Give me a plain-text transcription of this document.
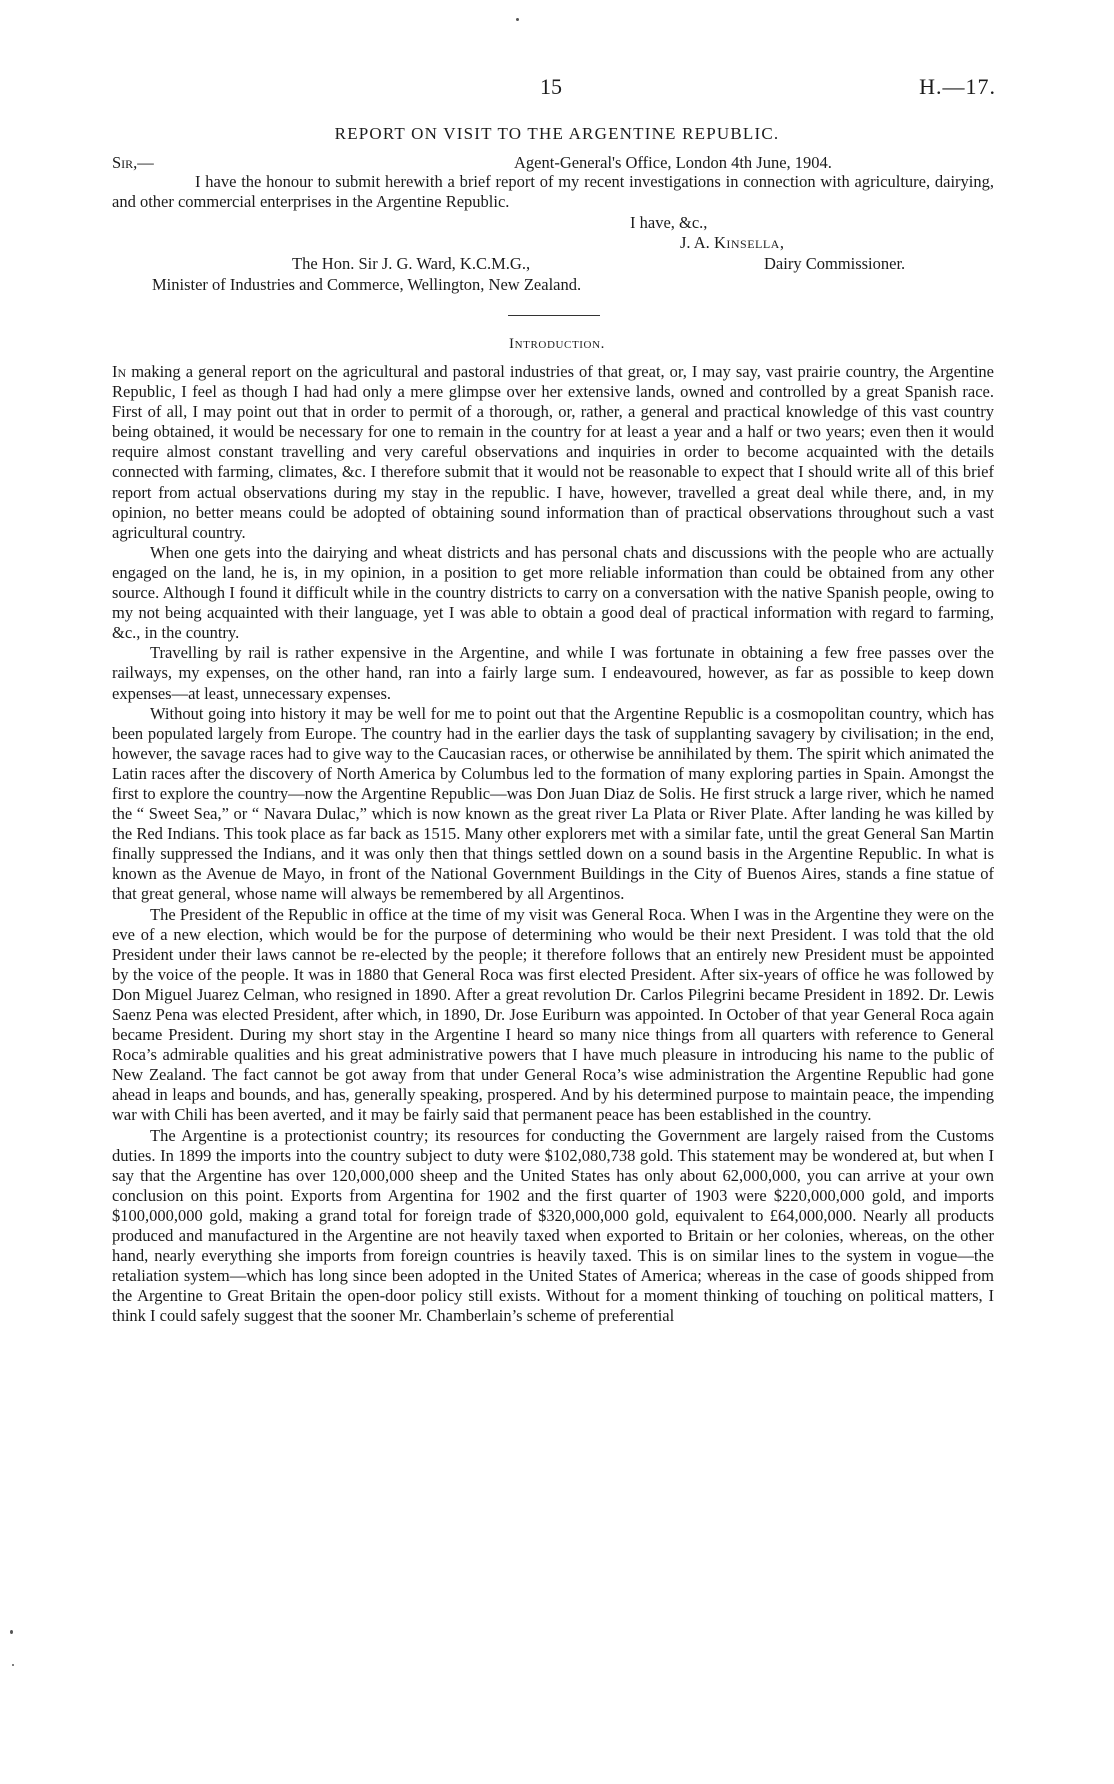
15	H.—17.
REPORT ON VISIT TO THE ARGENTINE REPUBLIC.
Sir,—	Agent-General's Office, London 4th June, 1904.

I have the honour to submit herewith a brief report of my recent investigations in connection with agriculture, dairying, and other commercial enterprises in the Argentine Republic.

I have, &c.,
J. A. Kinsella,
The Hon. Sir J. G. Ward, K.C.M.G.,	Dairy Commissioner.
Minister of Industries and Commerce, Wellington, New Zealand.
Introduction.

In making a general report on the agricultural and pastoral industries of that great, or, I may say, vast prairie country, the Argentine Republic, I feel as though I had had only a mere glimpse over her extensive lands, owned and controlled by a great Spanish race. First of all, I may point out that in order to permit of a thorough, or, rather, a general and practical knowledge of this vast country being obtained, it would be necessary for one to remain in the country for at least a year and a half or two years; even then it would require almost constant travelling and very careful observations and inquiries in order to become acquainted with the details connected with farming, climates, &c. I therefore submit that it would not be reasonable to expect that I should write all of this brief report from actual observations during my stay in the republic. I have, however, travelled a great deal while there, and, in my opinion, no better means could be adopted of obtaining sound information than of practical observations throughout such a vast agricultural country.

When one gets into the dairying and wheat districts and has personal chats and discussions with the people who are actually engaged on the land, he is, in my opinion, in a position to get more reliable information than could be obtained from any other source. Although I found it difficult while in the country districts to carry on a conversation with the native Spanish people, owing to my not being acquainted with their language, yet I was able to obtain a good deal of practical information with regard to farming, &c., in the country.

Travelling by rail is rather expensive in the Argentine, and while I was fortunate in obtaining a few free passes over the railways, my expenses, on the other hand, ran into a fairly large sum. I endeavoured, however, as far as possible to keep down expenses—at least, unnecessary expenses.

Without going into history it may be well for me to point out that the Argentine Republic is a cosmopolitan country, which has been populated largely from Europe. The country had in the earlier days the task of supplanting savagery by civilisation; in the end, however, the savage races had to give way to the Caucasian races, or otherwise be annihilated by them. The spirit which animated the Latin races after the discovery of North America by Columbus led to the formation of many exploring parties in Spain. Amongst the first to explore the country—now the Argentine Republic—was Don Juan Diaz de Solis. He first struck a large river, which he named the “ Sweet Sea,” or “ Navara Dulac,” which is now known as the great river La Plata or River Plate. After landing he was killed by the Red Indians. This took place as far back as 1515. Many other explorers met with a similar fate, until the great General San Martin finally suppressed the Indians, and it was only then that things settled down on a sound basis in the Argentine Republic. In what is known as the Avenue de Mayo, in front of the National Government Buildings in the City of Buenos Aires, stands a fine statue of that great general, whose name will always be remembered by all Argentinos.

The President of the Republic in office at the time of my visit was General Roca. When I was in the Argentine they were on the eve of a new election, which would be for the purpose of determining who would be their next President. I was told that the old President under their laws cannot be re-elected by the people; it therefore follows that an entirely new President must be appointed by the voice of the people. It was in 1880 that General Roca was first elected President. After six-years of office he was followed by Don Miguel Juarez Celman, who resigned in 1890. After a great revolution Dr. Carlos Pilegrini became President in 1892. Dr. Lewis Saenz Pena was elected President, after which, in 1890, Dr. Jose Euriburn was appointed. In October of that year General Roca again became President. During my short stay in the Argentine I heard so many nice things from all quarters with reference to General Roca’s admirable qualities and his great administrative powers that I have much pleasure in introducing his name to the public of New Zealand. The fact cannot be got away from that under General Roca’s wise administration the Argentine Republic had gone ahead in leaps and bounds, and has, generally speaking, prospered. And by his determined purpose to maintain peace, the impending war with Chili has been averted, and it may be fairly said that permanent peace has been established in the country.

The Argentine is a protectionist country; its resources for conducting the Government are largely raised from the Customs duties. In 1899 the imports into the country subject to duty were $102,080,738 gold. This statement may be wondered at, but when I say that the Argentine has over 120,000,000 sheep and the United States has only about 62,000,000, you can arrive at your own conclusion on this point. Exports from Argentina for 1902 and the first quarter of 1903 were $220,000,000 gold, and imports $100,000,000 gold, making a grand total for foreign trade of $320,000,000 gold, equivalent to £64,000,000. Nearly all products produced and manufactured in the Argentine are not heavily taxed when exported to Britain or her colonies, whereas, on the other hand, nearly everything she imports from foreign countries is heavily taxed. This is on similar lines to the system in vogue—the retaliation system—which has long since been adopted in the United States of America; whereas in the case of goods shipped from the Argentine to Great Britain the open-door policy still exists. Without for a moment thinking of touching on political matters, I think I could safely suggest that the sooner Mr. Chamberlain’s scheme of preferential
